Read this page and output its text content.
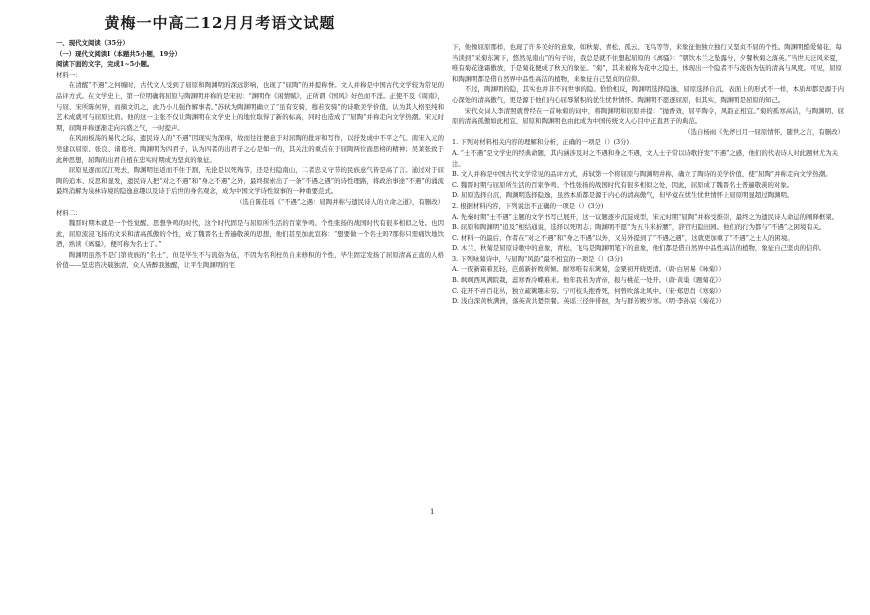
黄梅一中高二12月月考语文试题

一、现代文阅读（35分）

（一）现代文阅读Ⅰ（本题共5小题，19分）

阅读下面的文字，完成1~5小题。

材料一：

在清醒“不遇”之何缠时，古代文人受到了屈原和陶渊明的深远影响，也现了“屈陶”的并提称誉。文人并称是中国古代文学较为常见的品评方式。在文学史上，第一位明确将屈原与陶渊明并称的是宋初：“渊明作《闲情赋》，正所谓《国风》好色而不淫。正使不及《周南》，与屈、宋所陈何异，而摘文讥之，此乃小儿强作解事者。”苏轼为陶渊明确立了“虽有安骑，穆若安骑”的诗歌美学价值，认为其人格至纯和艺术成就可与屈原比肩。他的这一主张不仅让陶渊明在文学史上的地位取得了新的标高，同时也造成了“屈陶”并称走向文学热潮。宋元时期，屈陶并称逐渐走向兴盛之气，一时提声。

在风雨板荡的易代之际，遗民诗人的“不遇”因现实为深痒，故而往往便意于对屈陶的批评和写作，以抒发成中不平之气。南宋入元的吴建以屈原、张良、诸葛亮、陶渊明为四君子，认为四者的出君子之心是如一的，其关注的重点在于屈陶两位面思榜的精神；吴莱张致于此种思想，屈陶的出君自植在忠实时期成为坚贞的象征。

屈原见逐而沉江死去，陶渊明往返而不住于割，无论是以死殉节，还是归隐南山，二者忠义守节的民族意气皆是高了言。通过对于屈陶的追本、反思和显发，遗民诗人把“对之不遇”和“身之不遇”之外，最终探索出了一条“不遇之遇”的诗性理路，将政治事途“不遇”的涌流最终消解为泉林诗境的隐逸意趣以及诗于后世的身名观念，成为中国文学诗性叙事的一种重要范式。

（选自陈佳瑶《“不遇”之遇：屈陶并称与遗民诗人的立命之道》，有删改）

材料二：

魏晋时期本就是一个性觉醒、思想争鸣的时代，这个时代固是与屈原所生活的百家争鸣、个性张扬的战国时代有很多相似之处。也因此，屈原流浸飞扬的文采和清高孤傲的个性，成了魏晋名士普遍敬羡的思想，他们甚至加此宣称：“想要做一个名士吗?那你只需痛饮地饮酒，熟读《离骚》，便可称为名士了。”

陶渊明虽然不是门第贵族的“名士”，但是毕生不与流俗为伍，不因为名利枉负自来修积的个性，毕生固定发扬了屈原清高正直的人格价值——坚忠咨决载独清，众人皆醉我独醒，让平生陶渊明的宅

下，他像屈原那样，也现了许多美好的意象，如秋菊、青松、孤云、飞鸟等等，来象征他独立独行又坚贞不屈的个性。陶渊明酷爱菊花，每当读到“采菊东篱下，悠然见南山”的句子时，我总是就不住想起屈原的《离骚》：“朝饮木兰之坠露兮，夕餐秋菊之落英。”当世天泛风来夏，唯有菊花逢霜傲放，于是菊花便成了秋天的象征。“菊”，其来被称为花中之隐士，体现出一个隐者不与流俗为伍的清高与风度。可见，屈原和陶渊明都是借自然界中品性高洁的植物，来象征自己坚贞的信仰。

不过，陶渊明的隐，其实也并非不问世事的隐。恰恰相反，陶渊明选择隐逸，屈原选择自沉，表面上的形式不一样，本质却都是源于内心深处的清高傲气，更是源于他们内心屈辱紧积的优生忧世情怀。陶渊明不愿逐屈原，但其实，陶渊明是屈原的知己。

宋代女词人李清照就曾经在一首咏菊的词中，将陶渊明和屈原并提：“抛香效，屈平陶令，风韵正相宜。”菊的孤寒高洁，与陶渊明、屈原的清高孤傲如此相宜，屈原和陶渊明也由此成为中国传统文人心目中正直君子的典范。

（选自杨雨《先斧日月一屈原情怀，随世之言，有删改）

1. 下列对材料相关内容的理解和分析，正确的一项是（）(3分)

A. “士不遇”是文学史的经典命题，其内涵涉及对之不遇和身之不遇，文人士子常以诗歌抒发“不遇”之感，他们的代表诗人对此题材尤为关注。

B. 文人并称是中国古代文学常见的品评方式，苏轼第一个将屈原与陶渊明并称，确立了陶诗的美学价值，使“屈陶”并称走向文学热潮。

C. 魏晋时期与屈原所生活的百家争鸣、个性张扬的战国时代有很多相似之处，因此，屈原成了魏晋名士普遍敬羡的对象。

D. 屈原选择自沉，陶渊明选择隐逸，虽然本质都是源于内心的清高傲气，但毕竟在忧生忧世情怀上屈原明显超过陶渊明。

2. 根据材料内容，下列说法不正确的一项是（）(3分)

A. 先秦时期“士不遇”主题的文学书写已展开，这一议题逐步沉淀成型，宋元时期“屈陶”并称受推崇，最终之为遗民诗人命运的阐释框架。

B. 屈原和陶渊明“追及”相结通说，选择以死明志；陶渊明不愿“为五斗米折腰”，辞官归隐田园。他们的行为都与“不遇”之困境有关。

C. 材料一的最后，作者在“对之不遇”和“身之不遇”以外，又另外提到了“不遇之遇”，这就更加重了“不遇”之士人的困境。

D. 木兰、秋菊是屈原诗歌中的意象，青松、飞鸟是陶渊明笔下的意象，他们都是借自然界中品性高洁的植物，象征自己坚贞的信仰。

3. 下列咏菊诗中，与屈陶“风韵”最不相宜的一项是（）(3分)

A. 一夜新霜着瓦轻，芭蕉新折败荷倾。耐寒唯有东篱菊，金粟初开晓更清。（唐·白居易《咏菊》）

B. 飒飒西风满院栽，蕊寒香冷蝶难来。他年我若为青帝，报与桃花一处开。（唐·黄巢《题菊花》）

C. 花开不并百花丛，独立疏篱趣未穷。宁可枝头抱香死，何曾吹落北风中。（宋·郑思肖《寒菊》）

D. 浅白深黄秋满洲，落英黄共楚臣餐。英谣三径伴徘徊，为与群芳殿岁寒。（明·李孙宸《菊花》）

1
